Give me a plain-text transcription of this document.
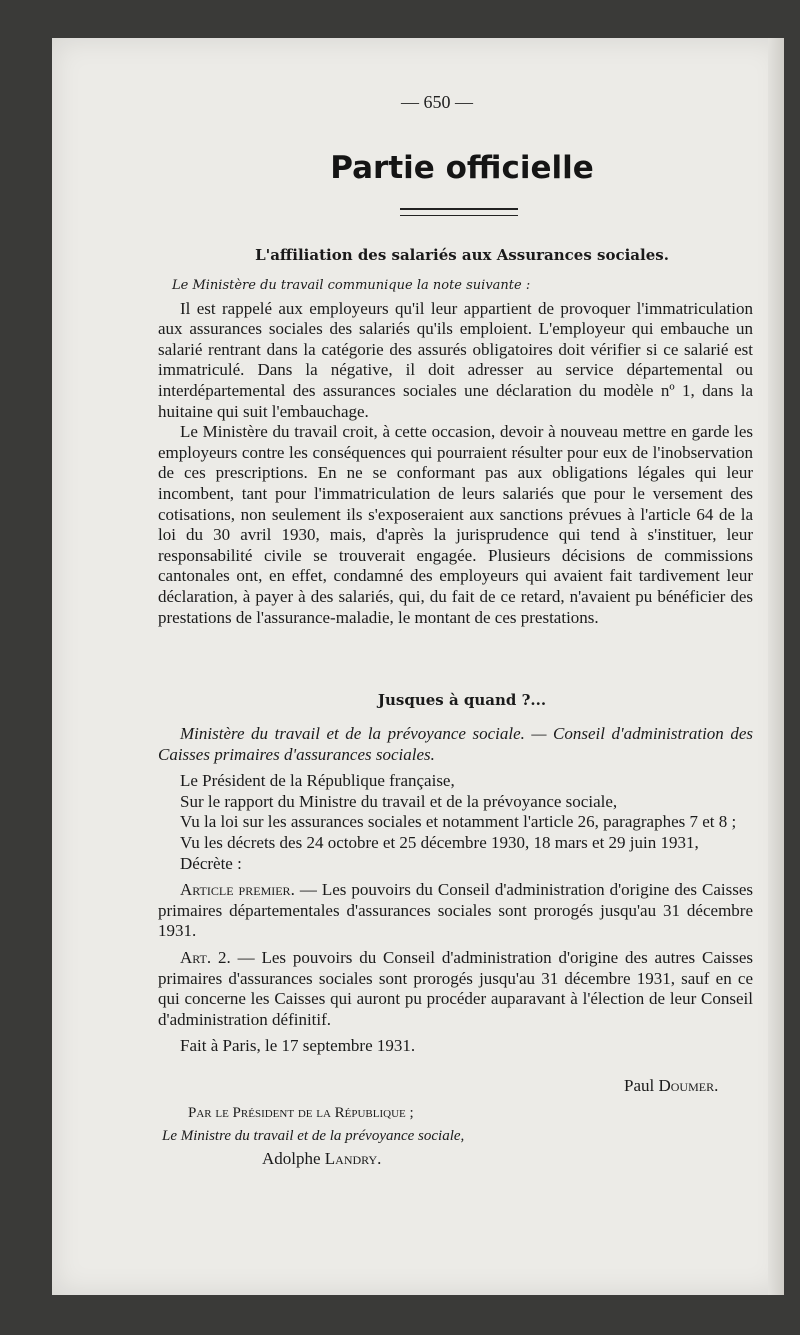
— 650 —
Partie officielle
L'affiliation des salariés aux Assurances sociales.

Le Ministère du travail communique la note suivante :

Il est rappelé aux employeurs qu'il leur appartient de provoquer l'immatriculation aux assurances sociales des salariés qu'ils emploient. L'employeur qui embauche un salarié rentrant dans la catégorie des assurés obligatoires doit vérifier si ce salarié est immatriculé. Dans la négative, il doit adresser au service départemental ou interdépartemental des assurances sociales une déclaration du modèle nº 1, dans la huitaine qui suit l'embauchage.

Le Ministère du travail croit, à cette occasion, devoir à nouveau mettre en garde les employeurs contre les conséquences qui pourraient résulter pour eux de l'inobservation de ces prescriptions. En ne se conformant pas aux obligations légales qui leur incombent, tant pour l'immatriculation de leurs salariés que pour le versement des cotisations, non seulement ils s'exposeraient aux sanctions prévues à l'article 64 de la loi du 30 avril 1930, mais, d'après la jurisprudence qui tend à s'instituer, leur responsabilité civile se trouverait engagée. Plusieurs décisions de commissions cantonales ont, en effet, condamné des employeurs qui avaient fait tardivement leur déclaration, à payer à des salariés, qui, du fait de ce retard, n'avaient pu bénéficier des prestations de l'assurance-maladie, le montant de ces prestations.

Jusques à quand ?...

Ministère du travail et de la prévoyance sociale. — Conseil d'administration des Caisses primaires d'assurances sociales.

Le Président de la République française,

Sur le rapport du Ministre du travail et de la prévoyance sociale,

Vu la loi sur les assurances sociales et notamment l'article 26, paragraphes 7 et 8 ;

Vu les décrets des 24 octobre et 25 décembre 1930, 18 mars et 29 juin 1931,

Décrète :

Article premier. — Les pouvoirs du Conseil d'administration d'origine des Caisses primaires départementales d'assurances sociales sont prorogés jusqu'au 31 décembre 1931.

Art. 2. — Les pouvoirs du Conseil d'administration d'origine des autres Caisses primaires d'assurances sociales sont prorogés jusqu'au 31 décembre 1931, sauf en ce qui concerne les Caisses qui auront pu procéder auparavant à l'élection de leur Conseil d'administration définitif.

Fait à Paris, le 17 septembre 1931.

Paul Doumer.
Par le Président de la République ;
Le Ministre du travail et de la prévoyance sociale,
Adolphe Landry.
